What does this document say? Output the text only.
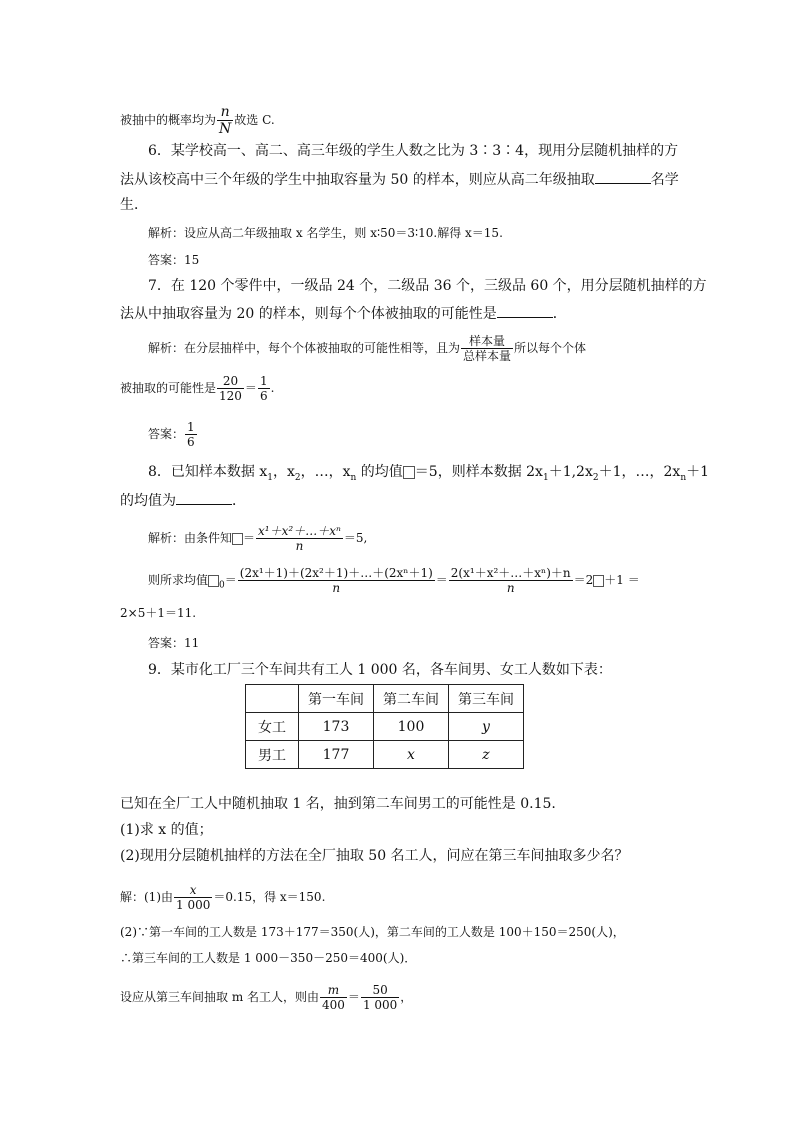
被抽中的概率均为 $\frac{n}{N}$ 故选 C.
6．某学校高一、高二、高三年级的学生人数之比为 3∶3∶4，现用分层随机抽样的方
法从该校高中三个年级的学生中抽取容量为 50 的样本，则应从高二年级抽取	名学
生．
解析：设应从高二年级抽取 x 名学生，则 x∶50＝3∶10.解得 x＝15.
答案：15
7．在 120 个零件中，一级品 24 个，二级品 36 个，三级品 60 个，用分层随机抽样的方
法从中抽取容量为 20 的样本，则每个个体被抽取的可能性是	．
解析：在分层抽样中，每个个体被抽取的可能性相等，且为 $\frac{\text{样本量}}{\text{总样本量}}$ 所以每个个体
被抽取的可能性是 $\frac{20}{120} = \frac{1}{6}$ .
答案： $\frac{1}{6}$
8．已知样本数据 $x_1$，$x_2$，…，$x_n$ 的均值 ＝5，则样本数据 $2x_1+1,2x_2+1$，…，$2x_n+1$
的均值为	．
解析：由条件知 ＝ $\frac{\text{x¹＋x²＋…＋xⁿ}}{n} =5$,
则所求均值 $_0= \frac{\text{(2x¹＋1)＋(2x²＋1)＋…＋(2xⁿ＋1)}}{n} = \frac{\text{2(x¹＋x²＋…＋xⁿ)＋n}}{n} =2 +1$ ＝
2×5＋1＝11.
答案：11
9．某市化工厂三个车间共有工人 1 000 名，各车间男、女工人数如下表：
	第一车间	第二车间	第三车间
女工	173	100	y
男工	177	x	z
已知在全厂工人中随机抽取 1 名，抽到第二车间男工的可能性是 0.15.
(1)求 x 的值；
(2)现用分层随机抽样的方法在全厂抽取 50 名工人，问应在第三车间抽取多少名？
解：(1)由 $\frac{x}{1 000} =0.15$，得 x＝150.
(2)∵第一车间的工人数是 173＋177＝350(人)，第二车间的工人数是 100＋150＝250(人)，
∴第三车间的工人数是 1 000－350－250＝400(人)．
设应从第三车间抽取 m 名工人，则由 $\frac{m}{400} = \frac{50}{1 000}$ ，
